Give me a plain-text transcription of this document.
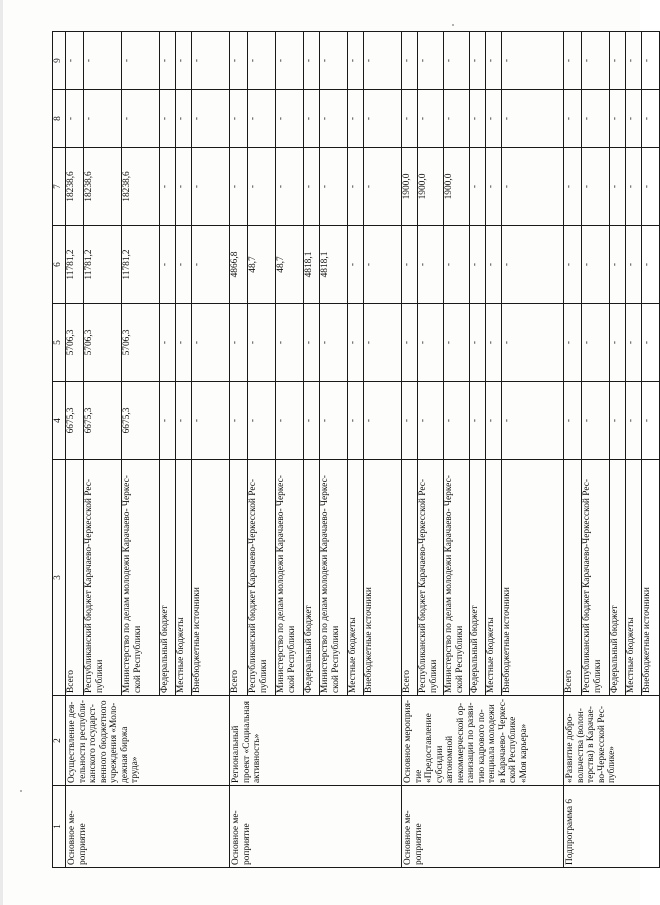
1	2	3	4	5	6	7	8	9
Основное мероприятие	Осуществление деятельности республиканского государственного бюджетного учреждения «Молодежная биржа труда»	Всего	6675,3	5706,3	11781,2	18238,6	-	-
		Республиканский бюджет Карачаево-Черкесской Республики	6675,3	5706,3	11781,2	18238,6	-	-
		Министерство по делам молодежи Карачаево- Черкесской Республики	6675,3	5706,3	11781,2	18238,6	-	-
		Федеральный бюджет	-	-	-	-	-	-
		Местные бюджеты	-	-	-	-	-	-
		Внебюджетные источники	-	-	-	-	-	-
Основное мероприятие	Региональный проект «Социальная активность»	Всего	-	-	4866,8	-	-	-
		Республиканский бюджет Карачаево-Черкесской Республики	-	-	48,7	-	-	-
		Министерство по делам молодежи Карачаево- Черкесской Республики	-	-	48,7	-	-	-
		Федеральный бюджет	-	-	4818,1	-	-	-
		Министерство по делам молодежи Карачаево- Черкесской Республики	-	-	4818,1	-	-	-
		Местные бюджеты	-	-	-	-	-	-
		Внебюджетные источники	-	-	-	-	-	-
Основное мероприятие	Основное мероприятие «Предоставление субсидии автономной некоммерческой организации по развитию кадрового потенциала молодежи в Карачаево- Черкесской Республике «Моя карьера»	Всего	-	-	-	1900,0	-	-
		Республиканский бюджет Карачаево-Черкесской Республики	-	-	-	1900,0	-	-
		Министерство по делам молодежи Карачаево- Черкесской Республики	-	-	-	1900,0	-	-
		Федеральный бюджет	-	-	-	-	-	-
		Местные бюджеты	-	-	-	-	-	-
		Внебюджетные источники	-	-	-	-	-	-
Подпрограмма 6	«Развитие добровольчества (волонтерства) в Карачаево-Черкесской Республике»	Всего	-	-	-	-	-	-
		Республиканский бюджет Карачаево-Черкесской Республики	-	-	-	-	-	-
		Федеральный бюджет	-	-	-	-	-	-
		Местные бюджеты	-	-	-	-	-	-
		Внебюджетные источники	-	-	-	-	-	-
